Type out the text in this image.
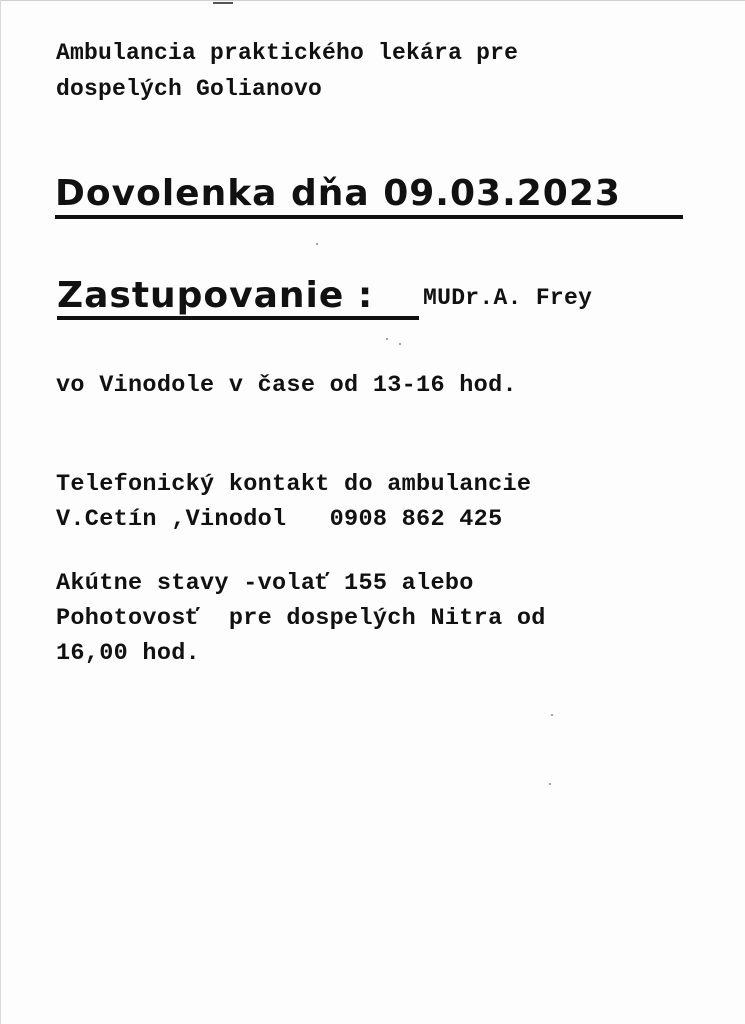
Ambulancia praktického lekára pre
dospelých Golianovo
Dovolenka dňa 09.03.2023
Zastupovanie : MUDr.A. Frey
vo Vinodole v čase od 13-16 hod.
Telefonický kontakt do ambulancie
V.Cetín ,Vinodol   0908 862 425
Akútne stavy -volať 155 alebo
Pohotovosť  pre dospelých Nitra od
16,00 hod.
